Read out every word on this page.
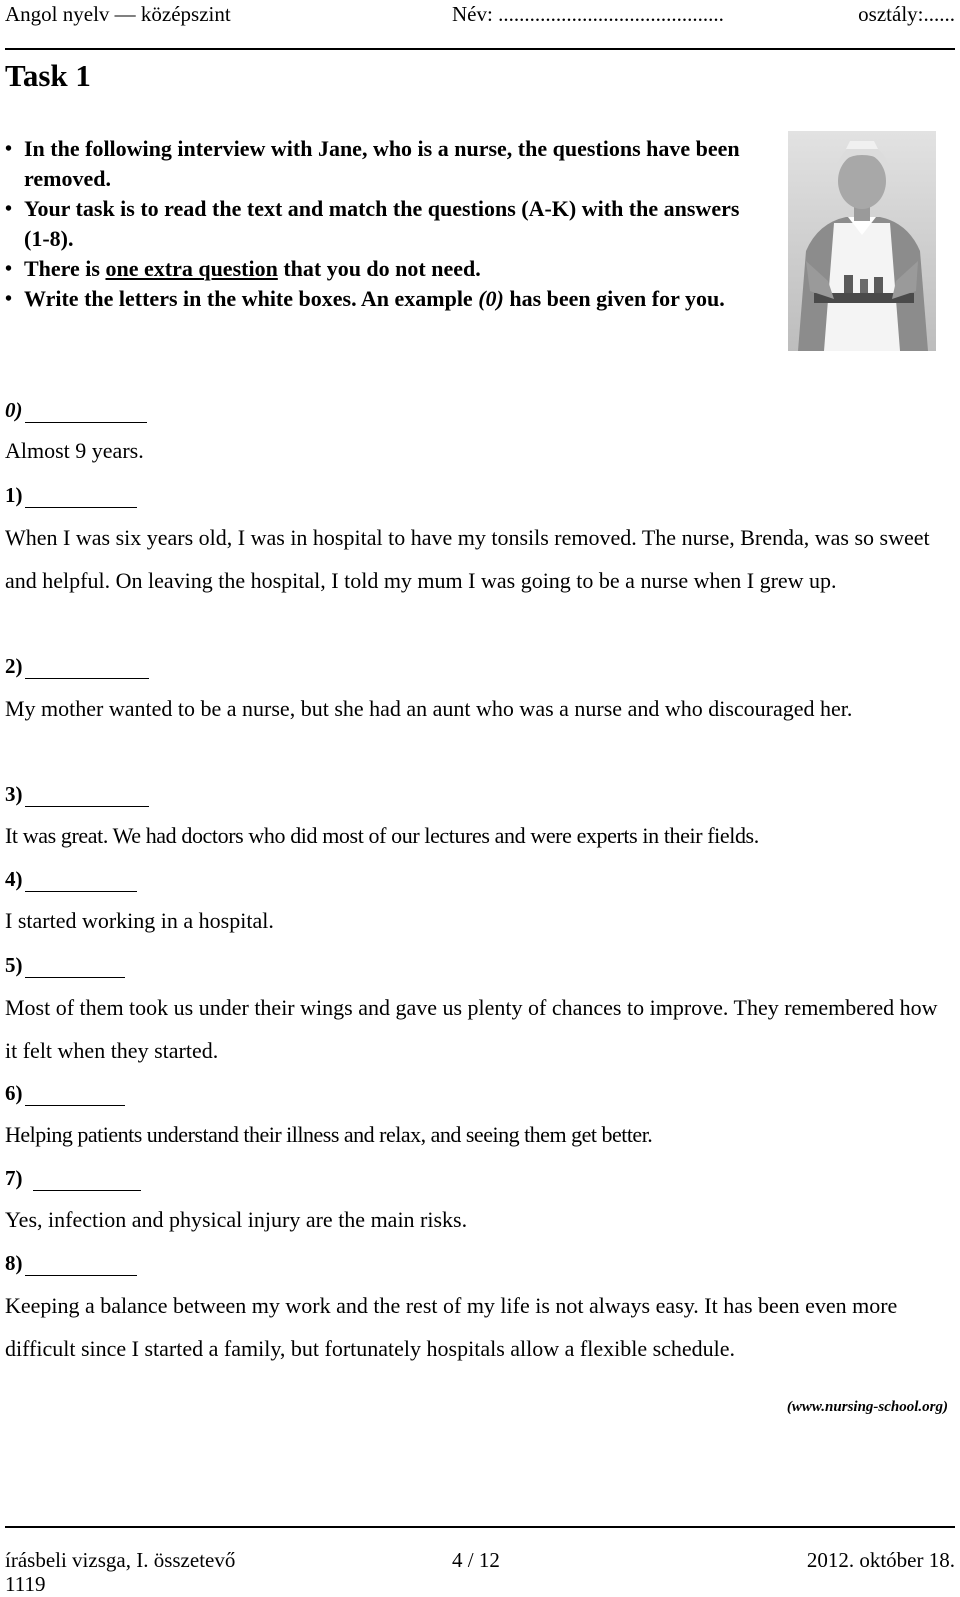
Angol nyelv — középszint	Név: ...........................................	osztály:......
Task 1
• In the following interview with Jane, who is a nurse, the questions have been removed.
• Your task is to read the text and match the questions (A-K) with the answers (1-8).
• There is one extra question that you do not need.
• Write the letters in the white boxes. An example (0) has been given for you.
0)
Almost 9 years.
1)
When I was six years old, I was in hospital to have my tonsils removed. The nurse, Brenda, was so sweet and helpful. On leaving the hospital, I told my mum I was going to be a nurse when I grew up.
2)
My mother wanted to be a nurse, but she had an aunt who was a nurse and who discouraged her.
3)
It was great. We had doctors who did most of our lectures and were experts in their fields.
4)
I started working in a hospital.
5)
Most of them took us under their wings and gave us plenty of chances to improve. They remembered how it felt when they started.
6)
Helping patients understand their illness and relax, and seeing them get better.
7)
Yes, infection and physical injury are the main risks.
8)
Keeping a balance between my work and the rest of my life is not always easy. It has been even more difficult since I started a family, but fortunately hospitals allow a flexible schedule.
(www.nursing-school.org)
írásbeli vizsga, I. összetevő	4 / 12	2012. október 18.
1119
